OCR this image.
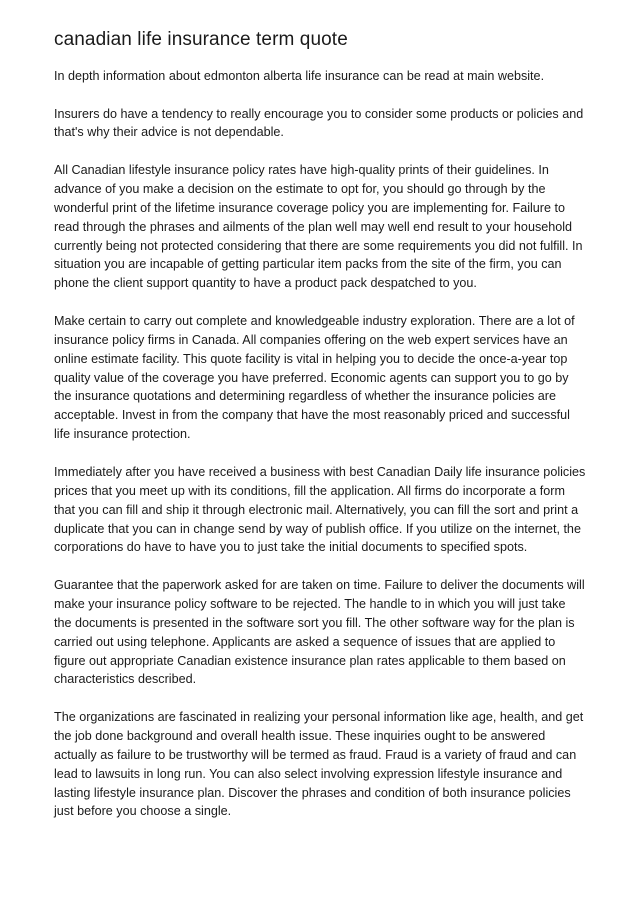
canadian life insurance term quote

In depth information about edmonton alberta life insurance can be read at main website.

Insurers do have a tendency to really encourage you to consider some products or policies and that's why their advice is not dependable.

All Canadian lifestyle insurance policy rates have high-quality prints of their guidelines. In advance of you make a decision on the estimate to opt for, you should go through by the wonderful print of the lifetime insurance coverage policy you are implementing for. Failure to read through the phrases and ailments of the plan well may well end result to your household currently being not protected considering that there are some requirements you did not fulfill. In situation you are incapable of getting particular item packs from the site of the firm, you can phone the client support quantity to have a product pack despatched to you.

Make certain to carry out complete and knowledgeable industry exploration. There are a lot of insurance policy firms in Canada. All companies offering on the web expert services have an online estimate facility. This quote facility is vital in helping you to decide the once-a-year top quality value of the coverage you have preferred. Economic agents can support you to go by the insurance quotations and determining regardless of whether the insurance policies are acceptable. Invest in from the company that have the most reasonably priced and successful life insurance protection.

Immediately after you have received a business with best Canadian Daily life insurance policies prices that you meet up with its conditions, fill the application. All firms do incorporate a form that you can fill and ship it through electronic mail. Alternatively, you can fill the sort and print a duplicate that you can in change send by way of publish office. If you utilize on the internet, the corporations do have to have you to just take the initial documents to specified spots.

Guarantee that the paperwork asked for are taken on time. Failure to deliver the documents will make your insurance policy software to be rejected. The handle to in which you will just take the documents is presented in the software sort you fill. The other software way for the plan is carried out using telephone. Applicants are asked a sequence of issues that are applied to figure out appropriate Canadian existence insurance plan rates applicable to them based on characteristics described.

The organizations are fascinated in realizing your personal information like age, health, and get the job done background and overall health issue. These inquiries ought to be answered actually as failure to be trustworthy will be termed as fraud. Fraud is a variety of fraud and can lead to lawsuits in long run. You can also select involving expression lifestyle insurance and lasting lifestyle insurance plan. Discover the phrases and condition of both insurance policies just before you choose a single.
